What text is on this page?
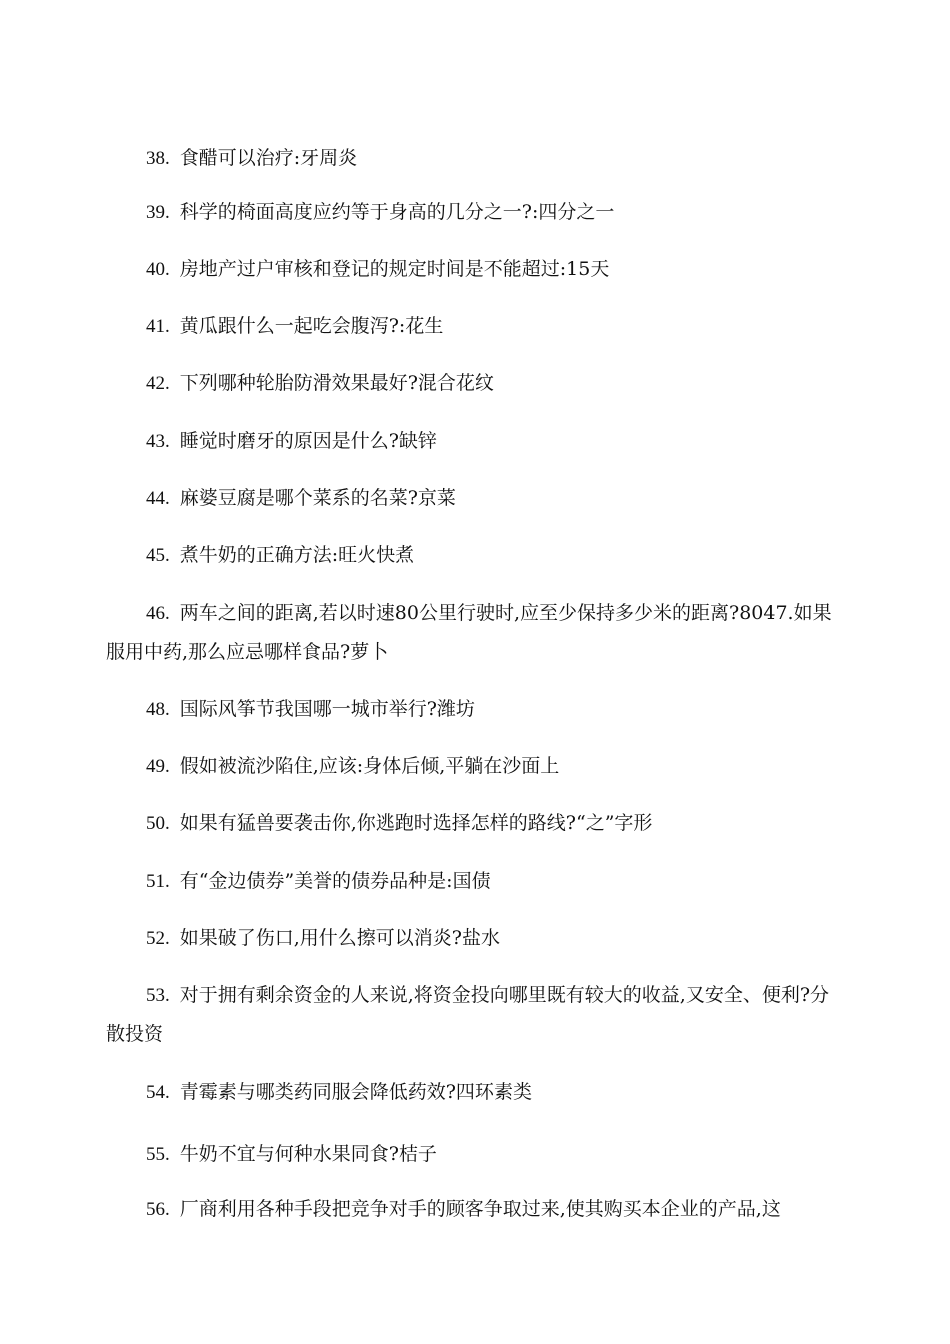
38. 食醋可以治疗:牙周炎

39. 科学的椅面高度应约等于身高的几分之一?:四分之一

40. 房地产过户审核和登记的规定时间是不能超过:15天

41. 黄瓜跟什么一起吃会腹泻?:花生

42. 下列哪种轮胎防滑效果最好?混合花纹

43. 睡觉时磨牙的原因是什么?缺锌

44. 麻婆豆腐是哪个菜系的名菜?京菜

45. 煮牛奶的正确方法:旺火快煮

46. 两车之间的距离,若以时速80公里行驶时,应至少保持多少米的距离?8047.如果服用中药,那么应忌哪样食品?萝卜

48. 国际风筝节我国哪一城市举行?潍坊

49. 假如被流沙陷住,应该:身体后倾,平躺在沙面上

50. 如果有猛兽要袭击你,你逃跑时选择怎样的路线?“之”字形

51. 有“金边债券”美誉的债券品种是:国债

52. 如果破了伤口,用什么擦可以消炎?盐水

53. 对于拥有剩余资金的人来说,将资金投向哪里既有较大的收益,又安全、便利?分散投资

54. 青霉素与哪类药同服会降低药效?四环素类

55. 牛奶不宜与何种水果同食?桔子

56. 厂商利用各种手段把竞争对手的顾客争取过来,使其购买本企业的产品,这
